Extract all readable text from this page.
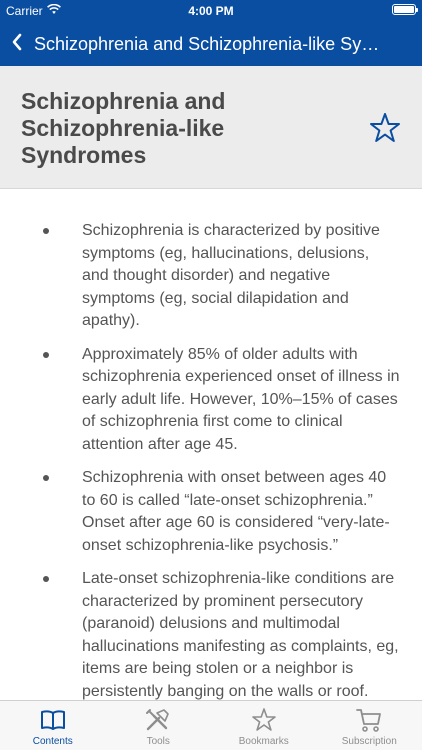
Carrier	4:00 PM
Schizophrenia and Schizophrenia-like Sy…
Schizophrenia and Schizophrenia-like Syndromes

Schizophrenia is characterized by positive symptoms (eg, hallucinations, delusions, and thought disorder) and negative symptoms (eg, social dilapidation and apathy).

Approximately 85% of older adults with schizophrenia experienced onset of illness in early adult life. However, 10%–15% of cases of schizophrenia first come to clinical attention after age 45.

Schizophrenia with onset between ages 40 to 60 is called “late-onset schizophrenia.” Onset after age 60 is considered “very-late-onset schizophrenia-like psychosis.”

Late-onset schizophrenia-like conditions are characterized by prominent persecutory (paranoid) delusions and multimodal hallucinations manifesting as complaints, eg, items are being stolen or a neighbor is persistently banging on the walls or roof.

Contents	Tools	Bookmarks	Subscription
